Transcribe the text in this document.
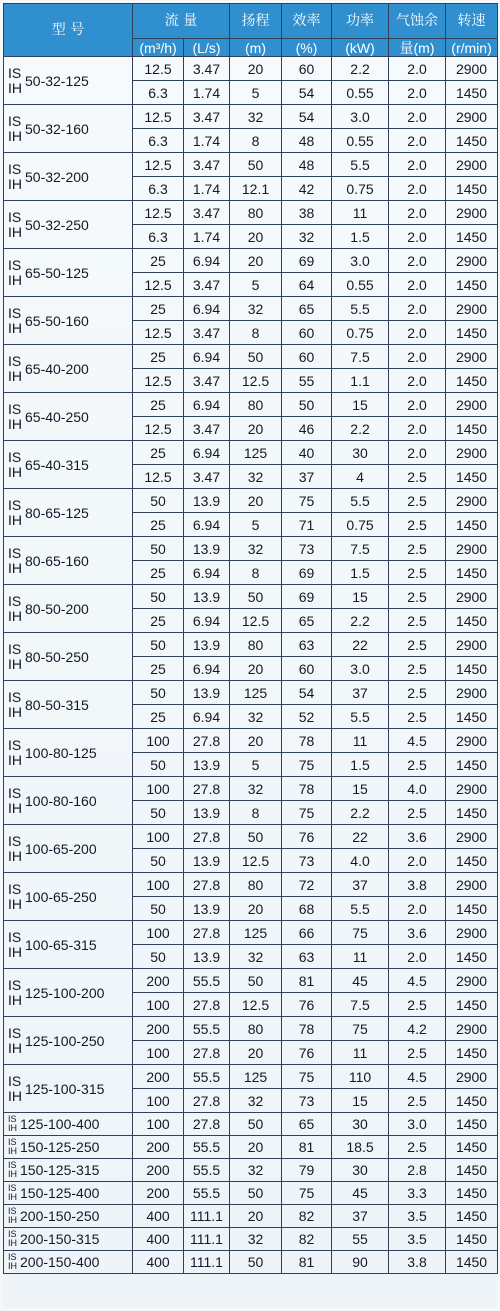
型 号	流 量		扬程	效率	功率	气蚀余	转速
	(m³/h)	(L/s)	(m)	(%)	(kW)	量(m)	(r/min)

IS
IH 50-32-125	12.5	3.47	20	60	2.2	2.0	2900
	6.3	1.74	5	54	0.55	2.0	1450

IS
IH 50-32-160	12.5	3.47	32	54	3.0	2.0	2900
	6.3	1.74	8	48	0.55	2.0	1450

IS
IH 50-32-200	12.5	3.47	50	48	5.5	2.0	2900
	6.3	1.74	12.1	42	0.75	2.0	1450

IS
IH 50-32-250	12.5	3.47	80	38	11	2.0	2900
	6.3	1.74	20	32	1.5	2.0	1450

IS
IH 65-50-125	25	6.94	20	69	3.0	2.0	2900
	12.5	3.47	5	64	0.55	2.0	1450

IS
IH 65-50-160	25	6.94	32	65	5.5	2.0	2900
	12.5	3.47	8	60	0.75	2.0	1450

IS
IH 65-40-200	25	6.94	50	60	7.5	2.0	2900
	12.5	3.47	12.5	55	1.1	2.0	1450

IS
IH 65-40-250	25	6.94	80	50	15	2.0	2900
	12.5	3.47	20	46	2.2	2.0	1450

IS
IH 65-40-315	25	6.94	125	40	30	2.0	2900
	12.5	3.47	32	37	4	2.5	1450

IS
IH 80-65-125	50	13.9	20	75	5.5	2.5	2900
	25	6.94	5	71	0.75	2.5	1450

IS
IH 80-65-160	50	13.9	32	73	7.5	2.5	2900
	25	6.94	8	69	1.5	2.5	1450

IS
IH 80-50-200	50	13.9	50	69	15	2.5	2900
	25	6.94	12.5	65	2.2	2.5	1450

IS
IH 80-50-250	50	13.9	80	63	22	2.5	2900
	25	6.94	20	60	3.0	2.5	1450

IS
IH 80-50-315	50	13.9	125	54	37	2.5	2900
	25	6.94	32	52	5.5	2.5	1450

IS
IH 100-80-125	100	27.8	20	78	11	4.5	2900
	50	13.9	5	75	1.5	2.5	1450

IS
IH 100-80-160	100	27.8	32	78	15	4.0	2900
	50	13.9	8	75	2.2	2.5	1450

IS
IH 100-65-200	100	27.8	50	76	22	3.6	2900
	50	13.9	12.5	73	4.0	2.0	1450

IS
IH 100-65-250	100	27.8	80	72	37	3.8	2900
	50	13.9	20	68	5.5	2.0	1450

IS
IH 100-65-315	100	27.8	125	66	75	3.6	2900
	50	13.9	32	63	11	2.0	1450

IS
IH 125-100-200	200	55.5	50	81	45	4.5	2900
	100	27.8	12.5	76	7.5	2.5	1450

IS
IH 125-100-250	200	55.5	80	78	75	4.2	2900
	100	27.8	20	76	11	2.5	1450

IS
IH 125-100-315	200	55.5	125	75	110	4.5	2900
	100	27.8	32	73	15	2.5	1450

IS
IH 125-100-400	100	27.8	50	65	30	3.0	1450

IS
IH 150-125-250	200	55.5	20	81	18.5	2.5	1450

IS
IH 150-125-315	200	55.5	32	79	30	2.8	1450

IS
IH 150-125-400	200	55.5	50	75	45	3.3	1450

IS
IH 200-150-250	400	111.1	20	82	37	3.5	1450

IS
IH 200-150-315	400	111.1	32	82	55	3.5	1450

IS
IH 200-150-400	400	111.1	50	81	90	3.8	1450
